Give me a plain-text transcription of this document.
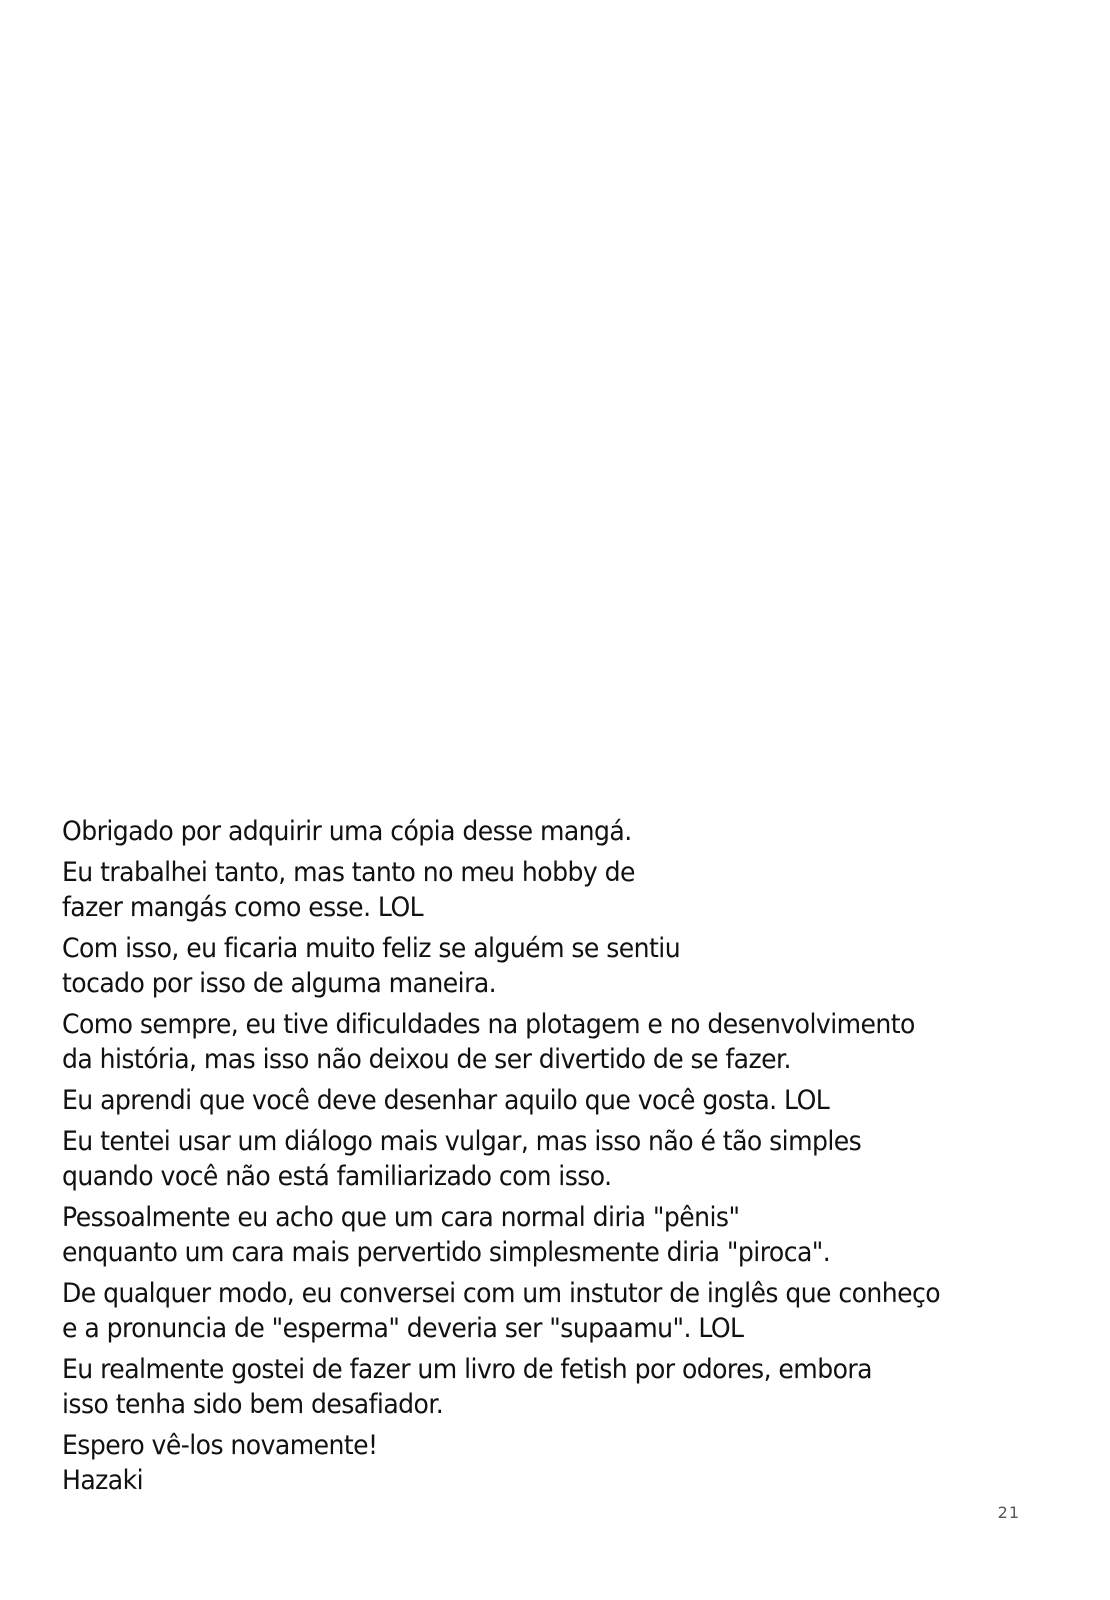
Obrigado por adquirir uma cópia desse mangá.
Eu trabalhei tanto, mas tanto no meu hobby de
fazer mangás como esse. LOL
Com isso, eu ficaria muito feliz se alguém se sentiu
tocado por isso de alguma maneira.
Como sempre, eu tive dificuldades na plotagem e no desenvolvimento
da história, mas isso não deixou de ser divertido de se fazer.
Eu aprendi que você deve desenhar aquilo que você gosta. LOL
Eu tentei usar um diálogo mais vulgar, mas isso não é tão simples
quando você não está familiarizado com isso.
Pessoalmente eu acho que um cara normal diria "pênis"
enquanto um cara mais pervertido simplesmente diria "piroca".
De qualquer modo, eu conversei com um instutor de inglês que conheço
e a pronuncia de "esperma" deveria ser "supaamu". LOL
Eu realmente gostei de fazer um livro de fetish por odores, embora
isso tenha sido bem desafiador.
Espero vê-los novamente!
Hazaki
21
